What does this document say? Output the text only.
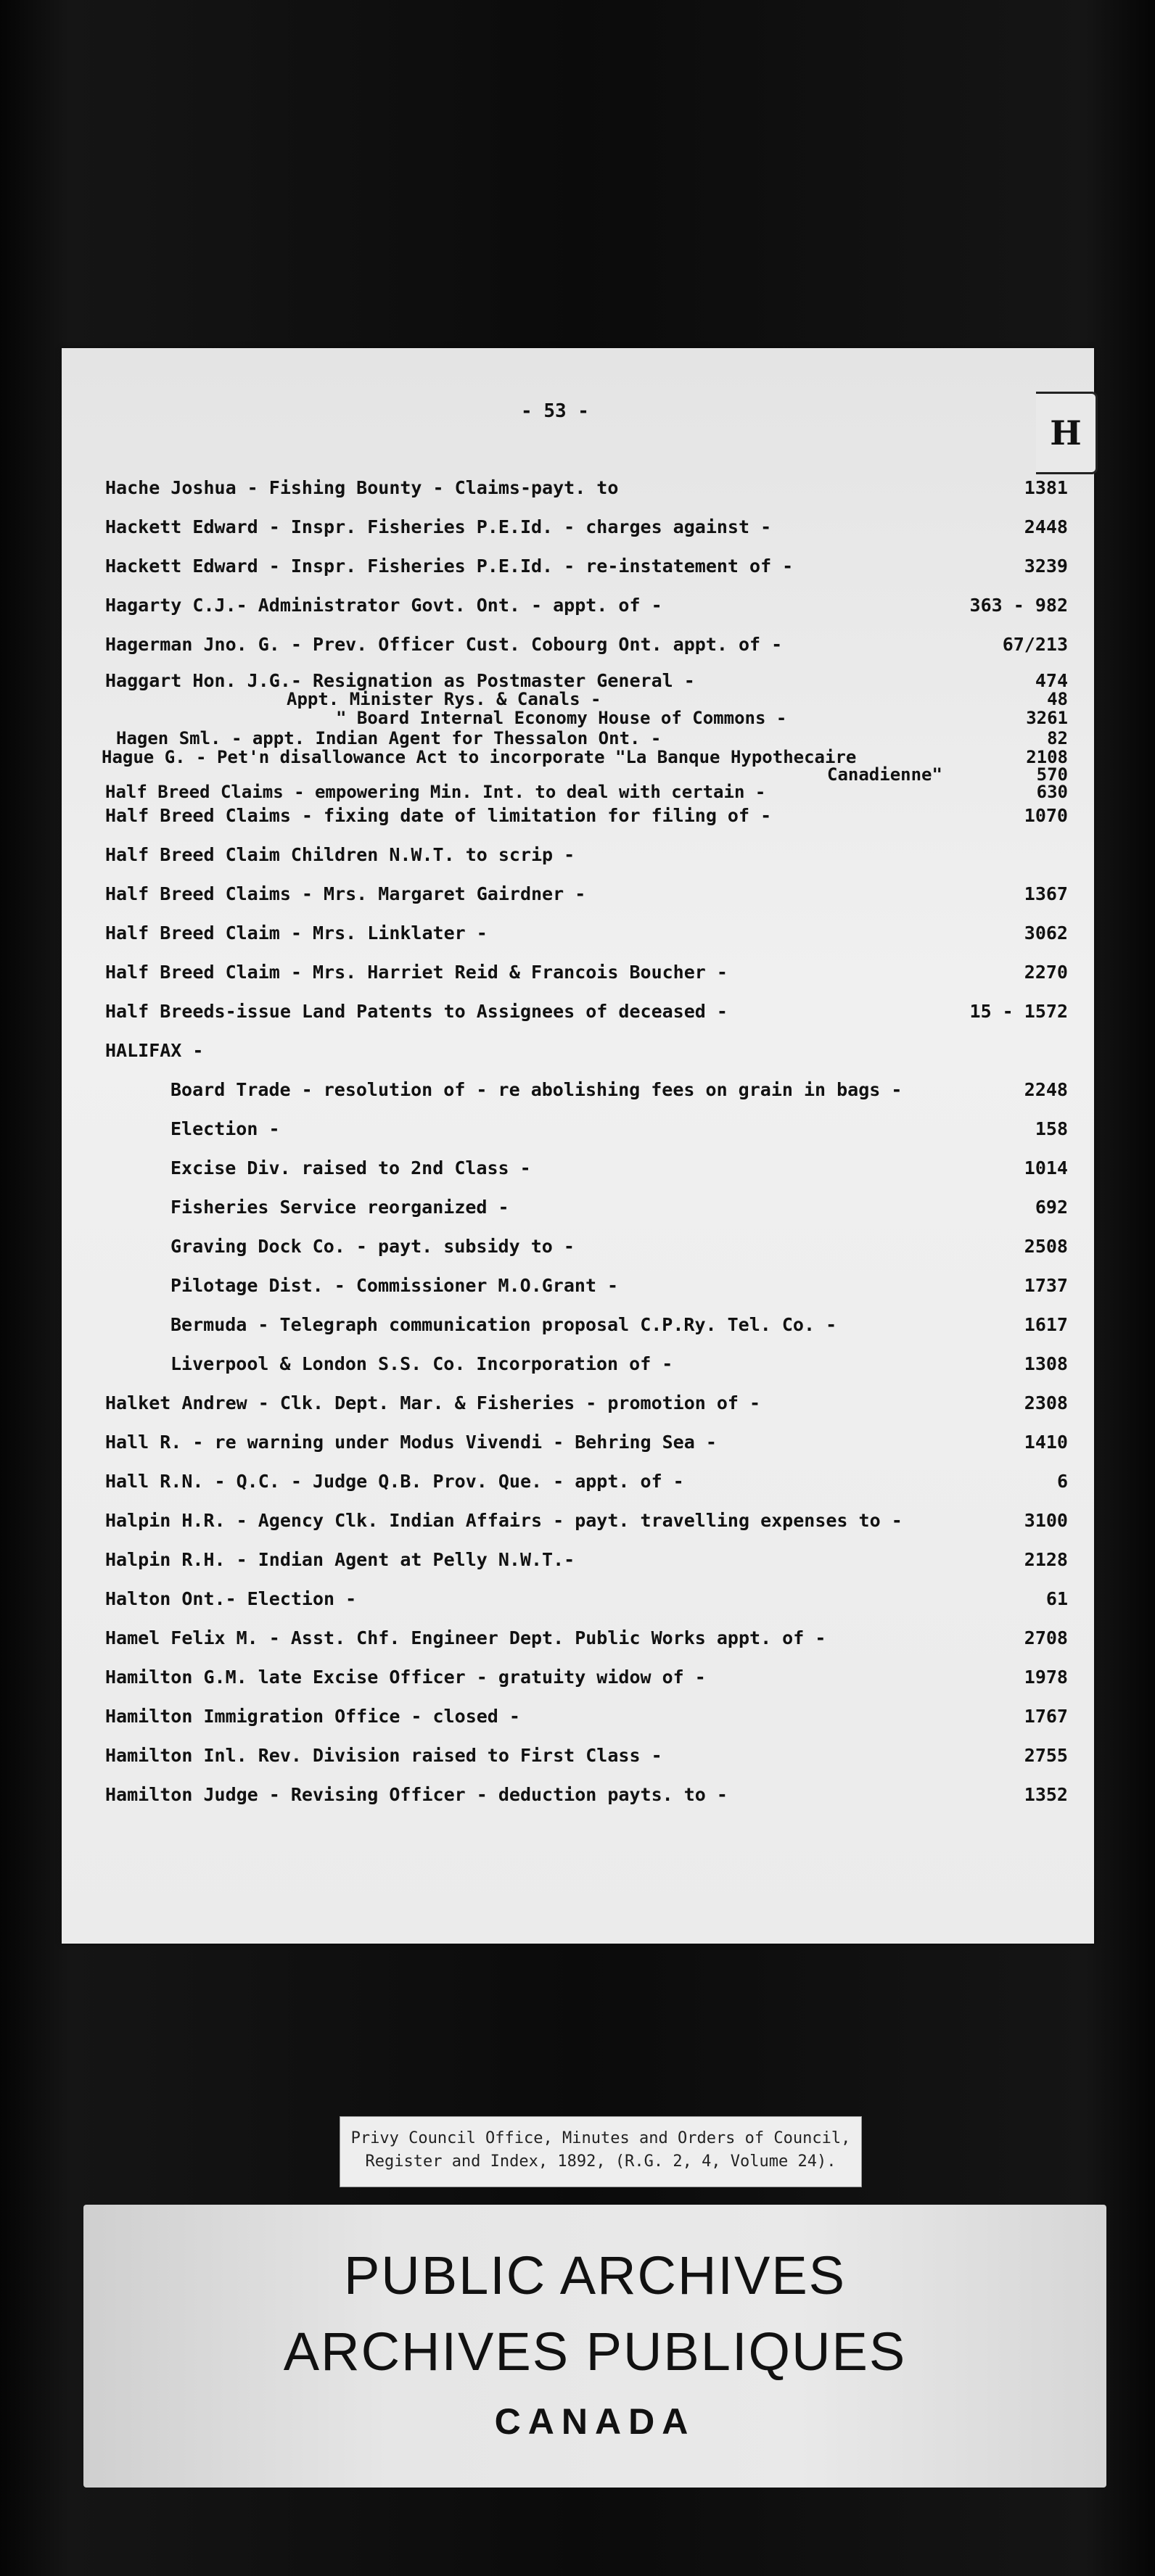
- 53 -
Hache Joshua - Fishing Bounty - Claims-payt. to	1381
Hackett Edward - Inspr. Fisheries P.E.Id. - charges against -	2448
Hackett Edward - Inspr. Fisheries P.E.Id. - re-instatement of -	3239
Hagarty C.J.- Administrator Govt. Ont. - appt. of -	363 - 982
Hagerman Jno. G. - Prev. Officer Cust. Cobourg Ont. appt. of -	67/213
Haggart Hon. J.G.- Resignation as Postmaster General -	474
Appt. Minister Rys. & Canals -	48
" Board Internal Economy House of Commons -	3261
Hagen Sml. - appt. Indian Agent for Thessalon Ont. -	82
Hague G. - Pet'n disallowance Act to incorporate "La Banque Hypothecaire	2108
Canadienne"	570
Half Breed Claims - empowering Min. Int. to deal with certain -	630
Half Breed Claims - fixing date of limitation for filing of -	1070
Half Breed Claim Children N.W.T. to scrip -
Half Breed Claims - Mrs. Margaret Gairdner -	1367
Half Breed Claim - Mrs. Linklater -	3062
Half Breed Claim - Mrs. Harriet Reid & Francois Boucher -	2270
Half Breeds-issue Land Patents to Assignees of deceased -	15 - 1572
HALIFAX -
Board Trade - resolution of - re abolishing fees on grain in bags -	2248
Election -	158
Excise Div. raised to 2nd Class -	1014
Fisheries Service reorganized -	692
Graving Dock Co. - payt. subsidy to -	2508
Pilotage Dist. - Commissioner M.O.Grant -	1737
Bermuda - Telegraph communication proposal C.P.Ry. Tel. Co. -	1617
Liverpool & London S.S. Co. Incorporation of -	1308
Halket Andrew - Clk. Dept. Mar. & Fisheries - promotion of -	2308
Hall R. - re warning under Modus Vivendi - Behring Sea -	1410
Hall R.N. - Q.C. - Judge Q.B. Prov. Que. - appt. of -	6
Halpin H.R. - Agency Clk. Indian Affairs - payt. travelling expenses to -	3100
Halpin R.H. - Indian Agent at Pelly N.W.T.-	2128
Halton Ont.- Election -	61
Hamel Felix M. - Asst. Chf. Engineer Dept. Public Works appt. of -	2708
Hamilton G.M. late Excise Officer - gratuity widow of -	1978
Hamilton Immigration Office - closed -	1767
Hamilton Inl. Rev. Division raised to First Class -	2755
Hamilton Judge - Revising Officer - deduction payts. to -	1352
H
Privy Council Office, Minutes and Orders of Council,
Register and Index, 1892, (R.G. 2, 4, Volume 24).
PUBLIC ARCHIVES
ARCHIVES PUBLIQUES
CANADA
